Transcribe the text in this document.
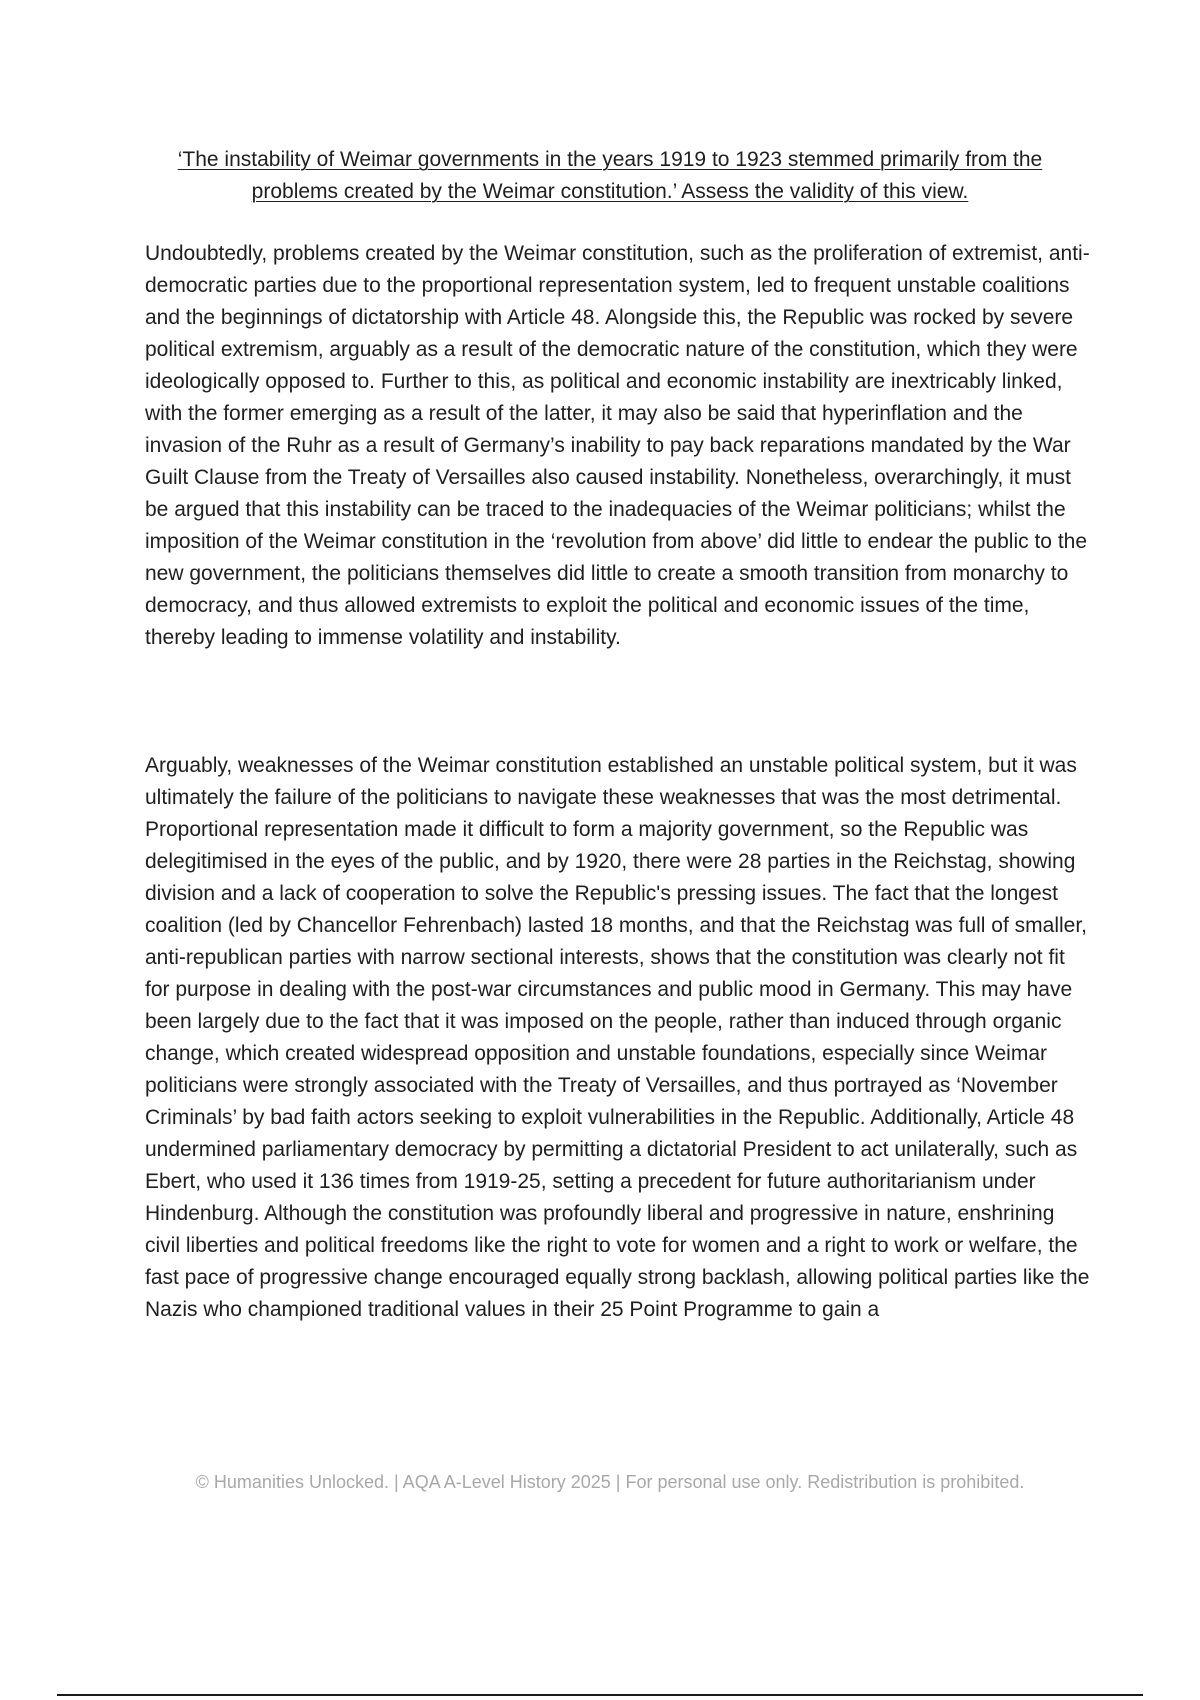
‘The instability of Weimar governments in the years 1919 to 1923 stemmed primarily from the problems created by the Weimar constitution.’ Assess the validity of this view.

Undoubtedly, problems created by the Weimar constitution, such as the proliferation of extremist, anti-democratic parties due to the proportional representation system, led to frequent unstable coalitions and the beginnings of dictatorship with Article 48. Alongside this, the Republic was rocked by severe political extremism, arguably as a result of the democratic nature of the constitution, which they were ideologically opposed to. Further to this, as political and economic instability are inextricably linked, with the former emerging as a result of the latter, it may also be said that hyperinflation and the invasion of the Ruhr as a result of Germany’s inability to pay back reparations mandated by the War Guilt Clause from the Treaty of Versailles also caused instability. Nonetheless, overarchingly, it must be argued that this instability can be traced to the inadequacies of the Weimar politicians; whilst the imposition of the Weimar constitution in the ‘revolution from above’ did little to endear the public to the new government, the politicians themselves did little to create a smooth transition from monarchy to democracy, and thus allowed extremists to exploit the political and economic issues of the time, thereby leading to immense volatility and instability.

Arguably, weaknesses of the Weimar constitution established an unstable political system, but it was ultimately the failure of the politicians to navigate these weaknesses that was the most detrimental. Proportional representation made it difficult to form a majority government, so the Republic was delegitimised in the eyes of the public, and by 1920, there were 28 parties in the Reichstag, showing division and a lack of cooperation to solve the Republic's pressing issues. The fact that the longest coalition (led by Chancellor Fehrenbach) lasted 18 months, and that the Reichstag was full of smaller, anti-republican parties with narrow sectional interests, shows that the constitution was clearly not fit for purpose in dealing with the post-war circumstances and public mood in Germany. This may have been largely due to the fact that it was imposed on the people, rather than induced through organic change, which created widespread opposition and unstable foundations, especially since Weimar politicians were strongly associated with the Treaty of Versailles, and thus portrayed as ‘November Criminals’ by bad faith actors seeking to exploit vulnerabilities in the Republic. Additionally, Article 48 undermined parliamentary democracy by permitting a dictatorial President to act unilaterally, such as Ebert, who used it 136 times from 1919-25, setting a precedent for future authoritarianism under Hindenburg. Although the constitution was profoundly liberal and progressive in nature, enshrining civil liberties and political freedoms like the right to vote for women and a right to work or welfare, the fast pace of progressive change encouraged equally strong backlash, allowing political parties like the Nazis who championed traditional values in their 25 Point Programme to gain a

© Humanities Unlocked. | AQA A-Level History 2025 | For personal use only. Redistribution is prohibited.
